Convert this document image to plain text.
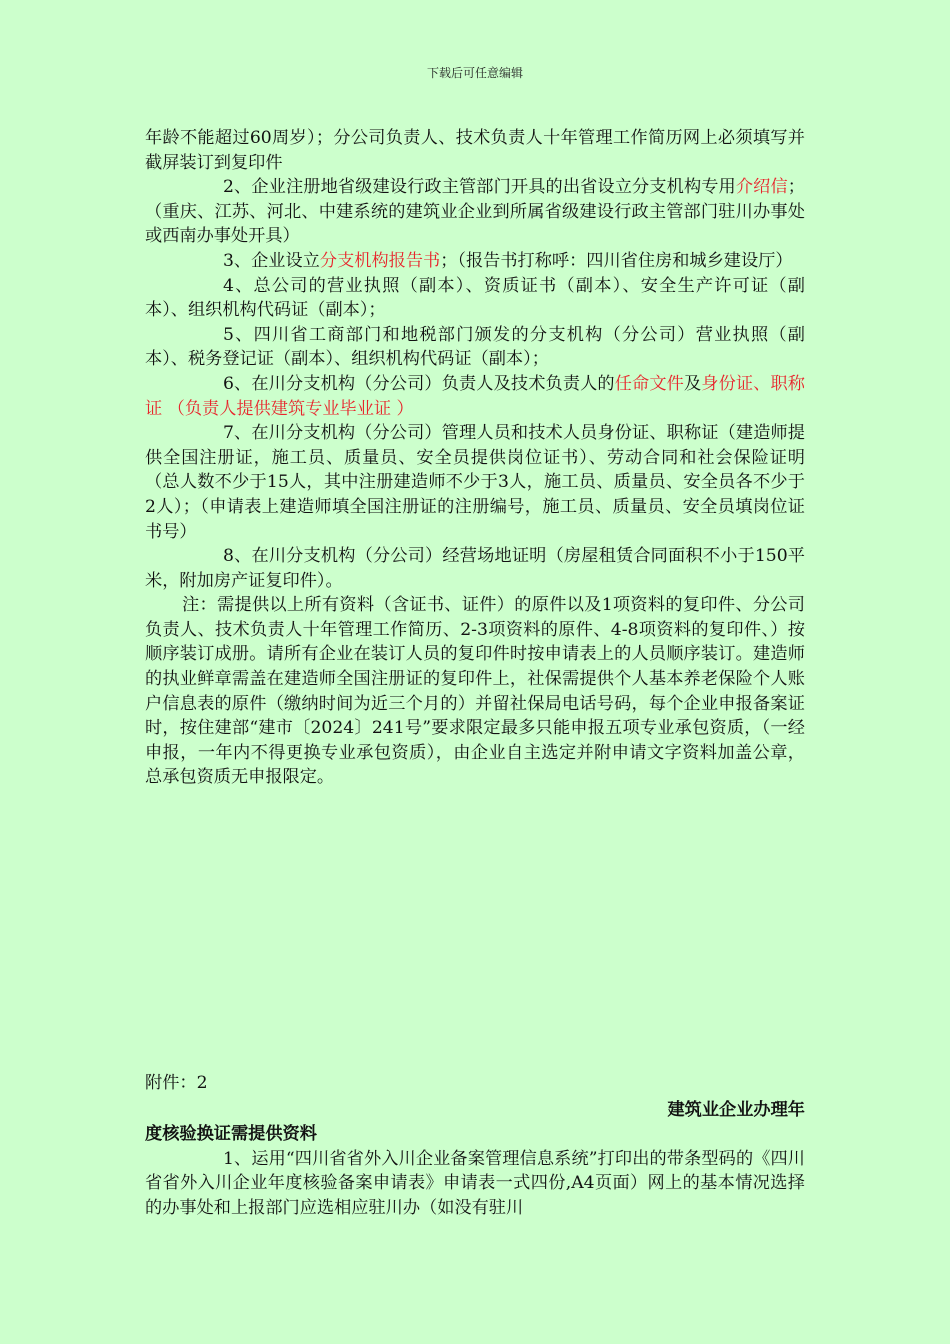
下载后可任意编辑

年龄不能超过60周岁）；分公司负责人、技术负责人十年管理工作简历网上必须填写并截屏装订到复印件

2、企业注册地省级建设行政主管部门开具的出省设立分支机构专用介绍信；（重庆、江苏、河北、中建系统的建筑业企业到所属省级建设行政主管部门驻川办事处或西南办事处开具）

3、企业设立分支机构报告书；（报告书打称呼：四川省住房和城乡建设厅）

4、总公司的营业执照（副本）、资质证书（副本）、安全生产许可证（副本）、组织机构代码证（副本）；

5、四川省工商部门和地税部门颁发的分支机构（分公司）营业执照（副本）、税务登记证（副本）、组织机构代码证（副本）；

6、在川分支机构（分公司）负责人及技术负责人的任命文件及身份证、职称证 （负责人提供建筑专业毕业证 ）

7、在川分支机构（分公司）管理人员和技术人员身份证、职称证（建造师提供全国注册证，施工员、质量员、安全员提供岗位证书）、劳动合同和社会保险证明（总人数不少于15人，其中注册建造师不少于3人，施工员、质量员、安全员各不少于2人）；（申请表上建造师填全国注册证的注册编号，施工员、质量员、安全员填岗位证书号）

8、在川分支机构（分公司）经营场地证明（房屋租赁合同面积不小于150平米，附加房产证复印件）。

注：需提供以上所有资料（含证书、证件）的原件以及1项资料的复印件、分公司负责人、技术负责人十年管理工作简历、2-3项资料的原件、4-8项资料的复印件、）按顺序装订成册。请所有企业在装订人员的复印件时按申请表上的人员顺序装订。建造师的执业鲜章需盖在建造师全国注册证的复印件上，社保需提供个人基本养老保险个人账户信息表的原件（缴纳时间为近三个月的）并留社保局电话号码，每个企业申报备案证时，按住建部“建市〔2024〕241号”要求限定最多只能申报五项专业承包资质，（一经申报，一年内不得更换专业承包资质），由企业自主选定并附申请文字资料加盖公章，总承包资质无申报限定。

附件：2

建筑业企业办理年

度核验换证需提供资料

1、运用“四川省省外入川企业备案管理信息系统”打印出的带条型码的《四川省省外入川企业年度核验备案申请表》申请表一式四份,A4页面）网上的基本情况选择的办事处和上报部门应选相应驻川办（如没有驻川
